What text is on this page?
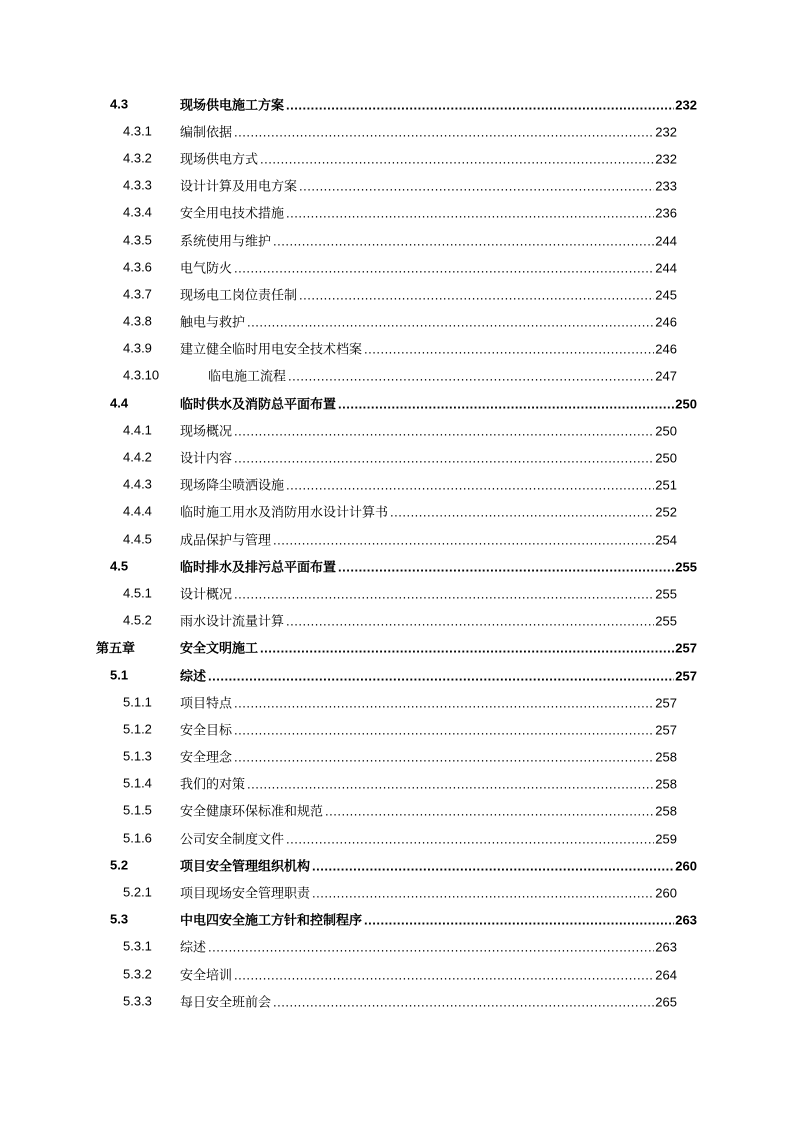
4.3	现场供电施工方案 .....	232
4.3.1 编制依据 .....	232
4.3.2 现场供电方式 .....	232
4.3.3 设计计算及用电方案 .....	233
4.3.4 安全用电技术措施 .....	236
4.3.5 系统使用与维护 .....	244
4.3.6 电气防火 .....	244
4.3.7 现场电工岗位责任制 .....	245
4.3.8 触电与救护 .....	246
4.3.9 建立健全临时用电安全技术档案 .....	246
4.3.10	临电施工流程 .....	247
4.4	临时供水及消防总平面布置 .....	250
4.4.1 现场概况 .....	250
4.4.2 设计内容 .....	250
4.4.3 现场降尘喷洒设施 .....	251
4.4.4 临时施工用水及消防用水设计计算书 .....	252
4.4.5 成品保护与管理 .....	254
4.5	临时排水及排污总平面布置 .....	255
4.5.1 设计概况 .....	255
4.5.2 雨水设计流量计算 .....	255
第五章	安全文明施工 .....	257
5.1	综述 .....	257
5.1.1 项目特点 .....	257
5.1.2 安全目标 .....	257
5.1.3 安全理念 .....	258
5.1.4 我们的对策 .....	258
5.1.5 安全健康环保标准和规范 .....	258
5.1.6 公司安全制度文件 .....	259
5.2	项目安全管理组织机构 .....	260
5.2.1 项目现场安全管理职责 .....	260
5.3	中电四安全施工方针和控制程序 .....	263
5.3.1 综述 .....	263
5.3.2 安全培训 .....	264
5.3.3 每日安全班前会 .....	265
